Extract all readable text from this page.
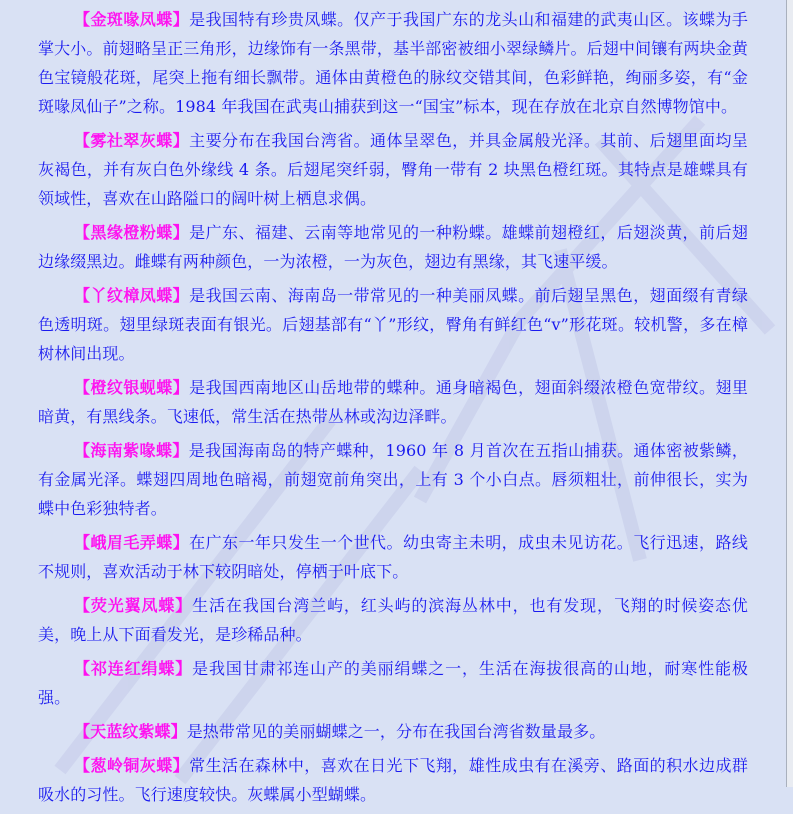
【金斑喙凤蝶】是我国特有珍贵凤蝶。仅产于我国广东的龙头山和福建的武夷山区。该蝶为手掌大小。前翅略呈正三角形，边缘饰有一条黑带，基半部密被细小翠绿鳞片。后翅中间镶有两块金黄色宝镜般花斑，尾突上拖有细长飘带。通体由黄橙色的脉纹交错其间，色彩鲜艳，绚丽多姿，有“金斑喙凤仙子”之称。1984 年我国在武夷山捕获到这一“国宝”标本，现在存放在北京自然博物馆中。

【雾社翠灰蝶】主要分布在我国台湾省。通体呈翠色，并具金属般光泽。其前、后翅里面均呈灰褐色，并有灰白色外缘线 4 条。后翅尾突纤弱，臀角一带有 2 块黑色橙红斑。其特点是雄蝶具有领域性，喜欢在山路隘口的阔叶树上栖息求偶。

【黑缘橙粉蝶】是广东、福建、云南等地常见的一种粉蝶。雄蝶前翅橙红，后翅淡黄，前后翅边缘缀黑边。雌蝶有两种颜色，一为浓橙，一为灰色，翅边有黑缘，其飞速平缓。

【丫纹樟凤蝶】是我国云南、海南岛一带常见的一种美丽凤蝶。前后翅呈黑色，翅面缀有青绿色透明斑。翅里绿斑表面有银光。后翅基部有“丫”形纹，臀角有鲜红色“v”形花斑。较机警，多在樟树林间出现。

【橙纹银蚬蝶】是我国西南地区山岳地带的蝶种。通身暗褐色，翅面斜缀浓橙色宽带纹。翅里暗黄，有黑线条。飞速低，常生活在热带丛林或沟边泽畔。

【海南紫喙蝶】是我国海南岛的特产蝶种，1960 年 8 月首次在五指山捕获。通体密被紫鳞，有金属光泽。蝶翅四周地色暗褐，前翅宽前角突出，上有 3 个小白点。唇须粗壮，前伸很长，实为蝶中色彩独特者。

【峨眉毛弄蝶】在广东一年只发生一个世代。幼虫寄主未明，成虫未见访花。飞行迅速，路线不规则，喜欢活动于林下较阴暗处，停栖于叶底下。

【荧光翼凤蝶】生活在我国台湾兰屿，红头屿的滨海丛林中，也有发现，飞翔的时候姿态优美，晚上从下面看发光，是珍稀品种。

【祁连红绢蝶】是我国甘肃祁连山产的美丽绢蝶之一，生活在海拔很高的山地，耐寒性能极强。

【天蓝纹紫蝶】是热带常见的美丽蝴蝶之一，分布在我国台湾省数量最多。

【葱岭铜灰蝶】常生活在森林中，喜欢在日光下飞翔，雄性成虫有在溪旁、路面的积水边成群吸水的习性。飞行速度较快。灰蝶属小型蝴蝶。
